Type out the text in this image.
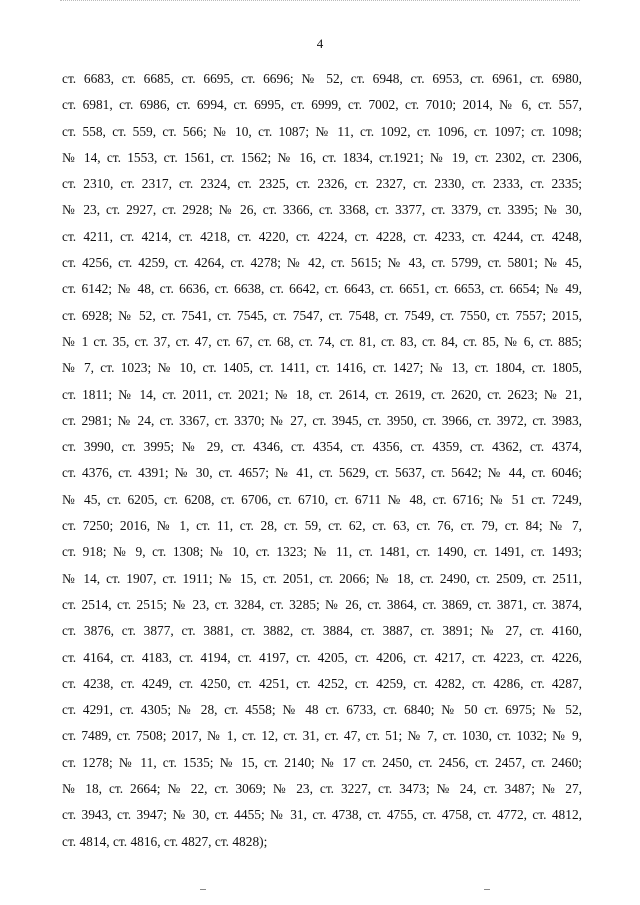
4
ст. 6683, ст. 6685, ст. 6695, ст. 6696; № 52, ст. 6948, ст. 6953, ст. 6961, ст. 6980,
ст. 6981, ст. 6986, ст. 6994, ст. 6995, ст. 6999, ст. 7002, ст. 7010; 2014, № 6, ст. 557,
ст. 558, ст. 559, ст. 566; № 10, ст. 1087; № 11, ст. 1092, ст. 1096, ст. 1097; ст. 1098;
№ 14, ст. 1553, ст. 1561, ст. 1562; № 16, ст. 1834, ст.1921; № 19, ст. 2302, ст. 2306,
ст. 2310, ст. 2317, ст. 2324, ст. 2325, ст. 2326, ст. 2327, ст. 2330, ст. 2333, ст. 2335;
№ 23, ст. 2927, ст. 2928; № 26, ст. 3366, ст. 3368, ст. 3377, ст. 3379, ст. 3395; № 30,
ст. 4211, ст. 4214, ст. 4218, ст. 4220, ст. 4224, ст. 4228, ст. 4233, ст. 4244, ст. 4248,
ст. 4256, ст. 4259, ст. 4264, ст. 4278; № 42, ст. 5615; № 43, ст. 5799, ст. 5801; № 45,
ст. 6142; № 48, ст. 6636, ст. 6638, ст. 6642, ст. 6643, ст. 6651, ст. 6653, ст. 6654; № 49,
ст. 6928; № 52, ст. 7541, ст. 7545, ст. 7547, ст. 7548, ст. 7549, ст. 7550, ст. 7557; 2015,
№ 1 ст. 35, ст. 37, ст. 47, ст. 67, ст. 68, ст. 74, ст. 81, ст. 83, ст. 84, ст. 85, № 6, ст. 885;
№ 7, ст. 1023; № 10, ст. 1405, ст. 1411, ст. 1416, ст. 1427; № 13, ст. 1804, ст. 1805,
ст. 1811; № 14, ст. 2011, ст. 2021; № 18, ст. 2614, ст. 2619, ст. 2620, ст. 2623; № 21,
ст. 2981; № 24, ст. 3367, ст. 3370; № 27, ст. 3945, ст. 3950, ст. 3966, ст. 3972, ст. 3983,
ст. 3990, ст. 3995; № 29, ст. 4346, ст. 4354, ст. 4356, ст. 4359, ст. 4362, ст. 4374,
ст. 4376, ст. 4391; № 30, ст. 4657; № 41, ст. 5629, ст. 5637, ст. 5642; № 44, ст. 6046;
№ 45, ст. 6205, ст. 6208, ст. 6706, ст. 6710, ст. 6711 № 48, ст. 6716; № 51 ст. 7249,
ст. 7250; 2016, № 1, ст. 11, ст. 28, ст. 59, ст. 62, ст. 63, ст. 76, ст. 79, ст. 84; № 7,
ст. 918; № 9, ст. 1308; № 10, ст. 1323; № 11, ст. 1481, ст. 1490, ст. 1491, ст. 1493;
№ 14, ст. 1907, ст. 1911; № 15, ст. 2051, ст. 2066; № 18, ст. 2490, ст. 2509, ст. 2511,
ст. 2514, ст. 2515; № 23, ст. 3284, ст. 3285; № 26, ст. 3864, ст. 3869, ст. 3871, ст. 3874,
ст. 3876, ст. 3877, ст. 3881, ст. 3882, ст. 3884, ст. 3887, ст. 3891; № 27, ст. 4160,
ст. 4164, ст. 4183, ст. 4194, ст. 4197, ст. 4205, ст. 4206, ст. 4217, ст. 4223, ст. 4226,
ст. 4238, ст. 4249, ст. 4250, ст. 4251, ст. 4252, ст. 4259, ст. 4282, ст. 4286, ст. 4287,
ст. 4291, ст. 4305; № 28, ст. 4558; № 48 ст. 6733, ст. 6840; № 50 ст. 6975; № 52,
ст. 7489, ст. 7508; 2017, № 1, ст. 12, ст. 31, ст. 47, ст. 51; № 7, ст. 1030, ст. 1032; № 9,
ст. 1278; № 11, ст. 1535; № 15, ст. 2140; № 17 ст. 2450, ст. 2456, ст. 2457, ст. 2460;
№ 18, ст. 2664; № 22, ст. 3069; № 23, ст. 3227, ст. 3473; № 24, ст. 3487; № 27,
ст. 3943, ст. 3947; № 30, ст. 4455; № 31, ст. 4738, ст. 4755, ст. 4758, ст. 4772, ст. 4812,
ст. 4814, ст. 4816, ст. 4827, ст. 4828);
